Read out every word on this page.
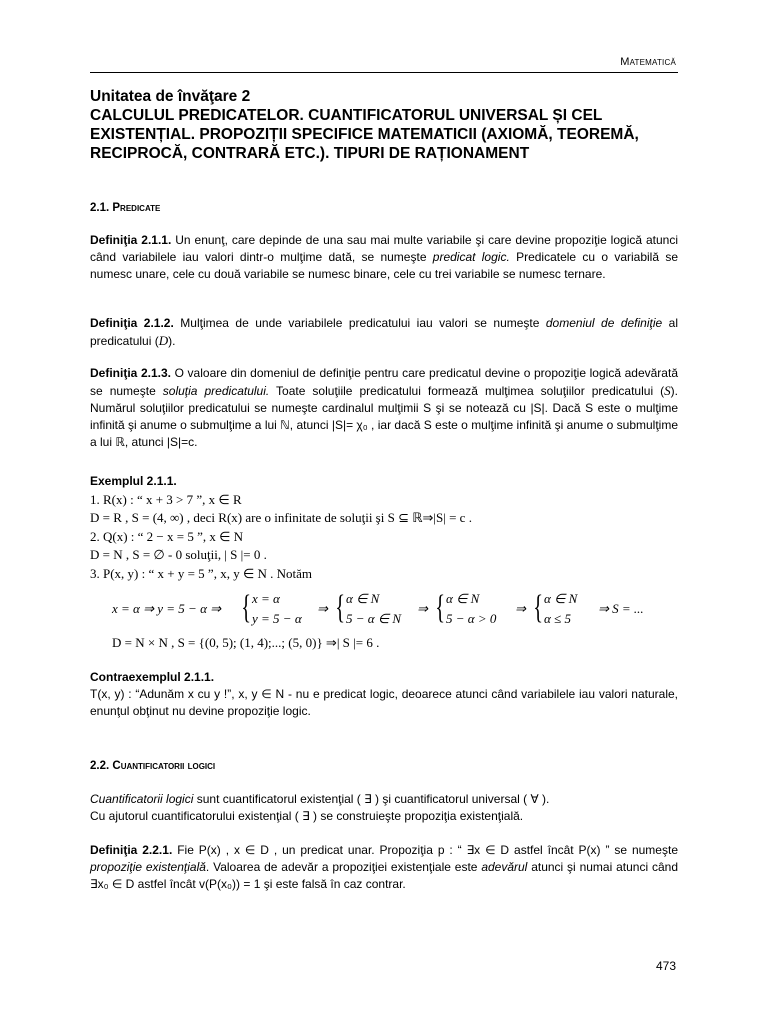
Matematică
Unitatea de învăţare 2
CALCULUL PREDICATELOR. CUANTIFICATORUL UNIVERSAL ȘI CEL
EXISTENȚIAL. PROPOZIȚII SPECIFICE MATEMATICII (AXIOMĂ, TEOREMĂ,
RECIPROCĂ, CONTRARĂ ETC.). TIPURI DE RAȚIONAMENT
2.1. Predicate
Definiţia 2.1.1. Un enunţ, care depinde de una sau mai multe variabile şi care devine propoziţie logică atunci când variabilele iau valori dintr-o mulţime dată, se numeşte predicat logic. Predicatele cu o variabilă se numesc unare, cele cu două variabile se numesc binare, cele cu trei variabile se numesc ternare.
Definiţia 2.1.2. Mulţimea de unde variabilele predicatului iau valori se numeşte domeniul de definiţie al predicatului (D).
Definiţia 2.1.3. O valoare din domeniul de definiţie pentru care predicatul devine o propoziţie logică adevărată se numeşte soluţia predicatului. Toate soluţiile predicatului formează mulţimea soluţiilor predicatului (S). Numărul soluţiilor predicatului se numeşte cardinalul mulţimii S şi se notează cu |S|. Dacă S este o mulţime infinită şi anume o submulţime a lui ℕ, atunci |S|= χ₀ , iar dacă S este o mulţime infinită şi anume o submulţime a lui ℝ, atunci |S|=c.
Exemplul 2.1.1.
1. R(x) : “ x + 3 > 7 ”, x ∈ R
D = R , S = (4, ∞) , deci R(x) are o infinitate de soluţii şi S ⊆ ℝ⇒|S| = c .
2. Q(x) : “ 2 − x = 5 ”, x ∈ N
D = N , S = ∅ - 0 soluţii, | S |= 0 .
3. P(x, y) : “ x + y = 5 ”, x, y ∈ N . Notăm
x = α ⇒ y = 5 − α ⇒ { x = α
y = 5 − α
⇒ { α ∈ N
5 − α ∈ N
⇒ { α ∈ N
5 − α > 0
⇒ { α ∈ N
α ≤ 5
⇒ S = ...
D = N × N , S = {(0, 5); (1, 4);...; (5, 0)} ⇒| S |= 6 .
Contraexemplul 2.1.1.
T(x, y) : “Adunăm x cu y !”, x, y ∈ N - nu e predicat logic, deoarece atunci când variabilele iau valori naturale, enunţul obţinut nu devine propoziţie logic.
2.2. Cuantificatorii logici
Cuantificatorii logici sunt cuantificatorul existenţial ( ∃ ) şi cuantificatorul universal ( ∀ ).
Cu ajutorul cuantificatorului existenţial ( ∃ ) se construieşte propoziţia existenţială.
Definiţia 2.2.1. Fie P(x) , x ∈ D , un predicat unar. Propoziţia p : “ ∃x ∈ D astfel încât P(x) ” se numeşte propoziţie existenţială. Valoarea de adevăr a propoziţiei existenţiale este adevărul atunci şi numai atunci când ∃x₀ ∈ D astfel încât v(P(x₀)) = 1 şi este falsă în caz contrar.
473
